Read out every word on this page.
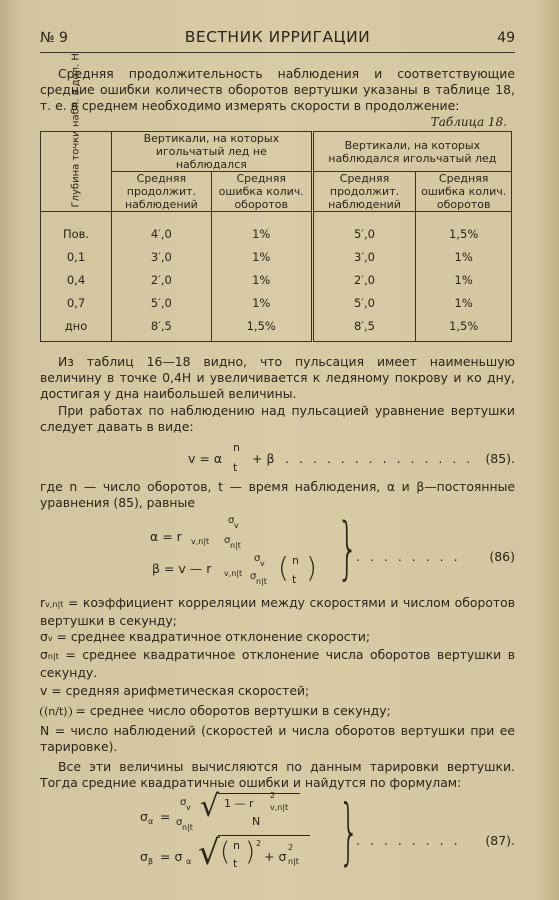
№ 9	ВЕСТНИК ИРРИГАЦИИ	49

Средняя продолжительность наблюдения и соответствующие средние ошибки количеств оборотов вертушки указаны в таблице 18, т. е. в среднем необходимо измерять скорости в продолжение:

Таблица 18.
Глубина точки набл. в дол. H	Вертикали, на которых игольчатый лед не наблюдался		Вертикали, на которых наблюдался игольчатый лед	
	Средняя продолжит. наблюдений	Средняя ошибка колич. оборотов	Средняя продолжит. наблюдений	Средняя ошибка колич. оборотов
Пов.	4′,0	1%	5′,0	1,5%
0,1	3′,0	1%	3′,0	1%
0,4	2′,0	1%	2′,0	1%
0,7	5′,0	1%	5′,0	1%
дно	8′,5	1,5%	8′,5	1,5%

Из таблиц 16—18 видно, что пульсация имеет наименьшую величину в точке 0,4H и увеличивается к ледяному покрову и ко дну, достигая у дна наибольшей величины.

При работах по наблюдению над пульсацией уравнение вертушки следует давать в виде:

v = α
n
t
+ β . . . . . . . . . . . . . . (85).

где n — число оборотов, t — время наблюдения, α и β—постоянные уравнения (85), равные

α = r v,n|t
σ v
σ n|t
β = v — r v,n|t
σ v
σ n|t ( n
t ) }
. . . . . . . . (86)

rv,n|t = коэффициент корреляции между скоростями и числом оборотов вертушки в секунду;

σv = среднее квадратичное отклонение скорости;

σn|t = среднее квадратичное отклонение числа оборотов вертушки в секунду.

v = средняя арифметическая скоростей;

(n/t) = среднее число оборотов вертушки в секунду;

N = число наблюдений (скоростей и числа оборотов вертушки при ее тарировке).

Все эти величины вычисляются по данным тарировки вертушки. Тогда средние квадратичные ошибки и найдутся по формулам:

σ α =
σ v
σ n|t
√ 1 — r
2
v,n|t
N
σ β = σ α √ ( n
t ) 2
+ σ
2
n|t }
. . . . . . . . (87).
